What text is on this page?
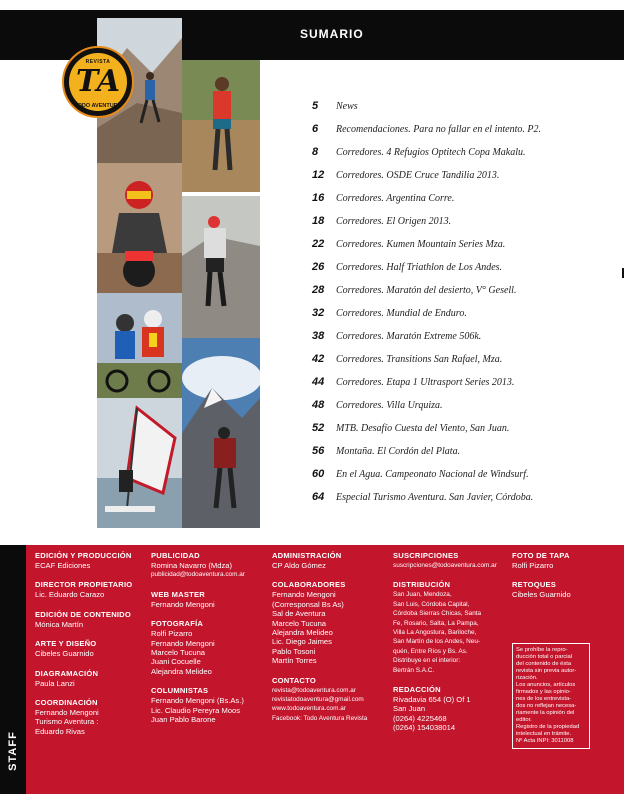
SUMARIO
REVISTA
TA
TODO AVENTURA	5 News
6 Recomendaciones. Para no fallar en el intento. P2.
8 Corredores. 4 Refugios Optitech Copa Makalu.
12 Corredores. OSDE Cruce Tandilia 2013.
16 Corredores. Argentina Corre.
18 Corredores. El Origen 2013.
22 Corredores. Kumen Mountain Series Mza.
26 Corredores. Half Triathlon de Los Andes.
28 Corredores. Maratón del desierto, V° Gesell.
32 Corredores. Mundial de Enduro.
38 Corredores. Maratón Extreme 506k.
42 Corredores. Transitions San Rafael, Mza.
44 Corredores. Etapa 1 Ultrasport Series 2013.
48 Corredores. Villa Urquiza.
52 MTB. Desafío Cuesta del Viento, San Juan.
56 Montaña. El Cordón del Plata.
60 En el Agua. Campeonato Nacional de Windsurf.
64 Especial Turismo Aventura. San Javier, Córdoba.
STAFF
EDICIÓN Y PRODUCCIÓN
ECAF Ediciones
DIRECTOR PROPIETARIO
Lic. Eduardo Carazo
EDICIÓN DE CONTENIDO
Mónica Martín
ARTE Y DISEÑO
Cibeles Guarnido
DIAGRAMACIÓN
Paula Lanzi
COORDINACIÓN
Fernando Mengoni
Turismo Aventura :
Eduardo Rivas
PUBLICIDAD
Romina Navarro (Mdza)
publicidad@todoaventura.com.ar
WEB MASTER
Fernando Mengoni
FOTOGRAFÍA
Rolfi Pizarro
Fernando Mengoni
Marcelo Tucuna
Juani Cocuelle
Alejandra Melideo
COLUMNISTAS
Fernando Mengoni (Bs.As.)
Lic. Claudio Pereyra Moos
Juan Pablo Barone
ADMINISTRACIÓN
CP Aldo Gómez
COLABORADORES
Fernando Mengoni
(Corresponsal Bs As)
Sal de Aventura
Marcelo Tucuna
Alejandra Melideo
Lic. Diego Jaimes
Pablo Tosoni
Martín Torres
CONTACTO
revista@todoaventura.com.ar
revistatodoaventura@gmail.com
www.todoaventura.com.ar
Facebook: Todo Aventura Revista
SUSCRIPCIONES
suscripciones@todoaventura.com.ar
DISTRIBUCIÓN
San Juan, Mendoza,
San Luis, Córdoba Capital,
Córdoba Sierras Chicas, Santa
Fe, Rosario, Salta, La Pampa,
Villa La Angostura, Bariloche,
San Martín de los Andes, Neu-
quén, Entre Ríos y Bs. As.
Distribuye en el interior:
Bertrán S.A.C.
REDACCIÓN
Rivadavia 654 (O) Of 1
San Juan
(0264) 4225468
(0264) 154038014
FOTO DE TAPA
Rolfi Pizarro
RETOQUES
Cibeles Guarnido
Se prohíbe la repro-
ducción total o parcial
del contenido de ésta
revista sin previa autor-
rización.
Los anuncios, artículos
firmados y las opinio-
nes de los entrevista-
dos no reflejan necesa-
riamente la opinión del
editor.
Registro de la propiedad
intelectual en trámite.
Nº Acta INPI: 3011008
